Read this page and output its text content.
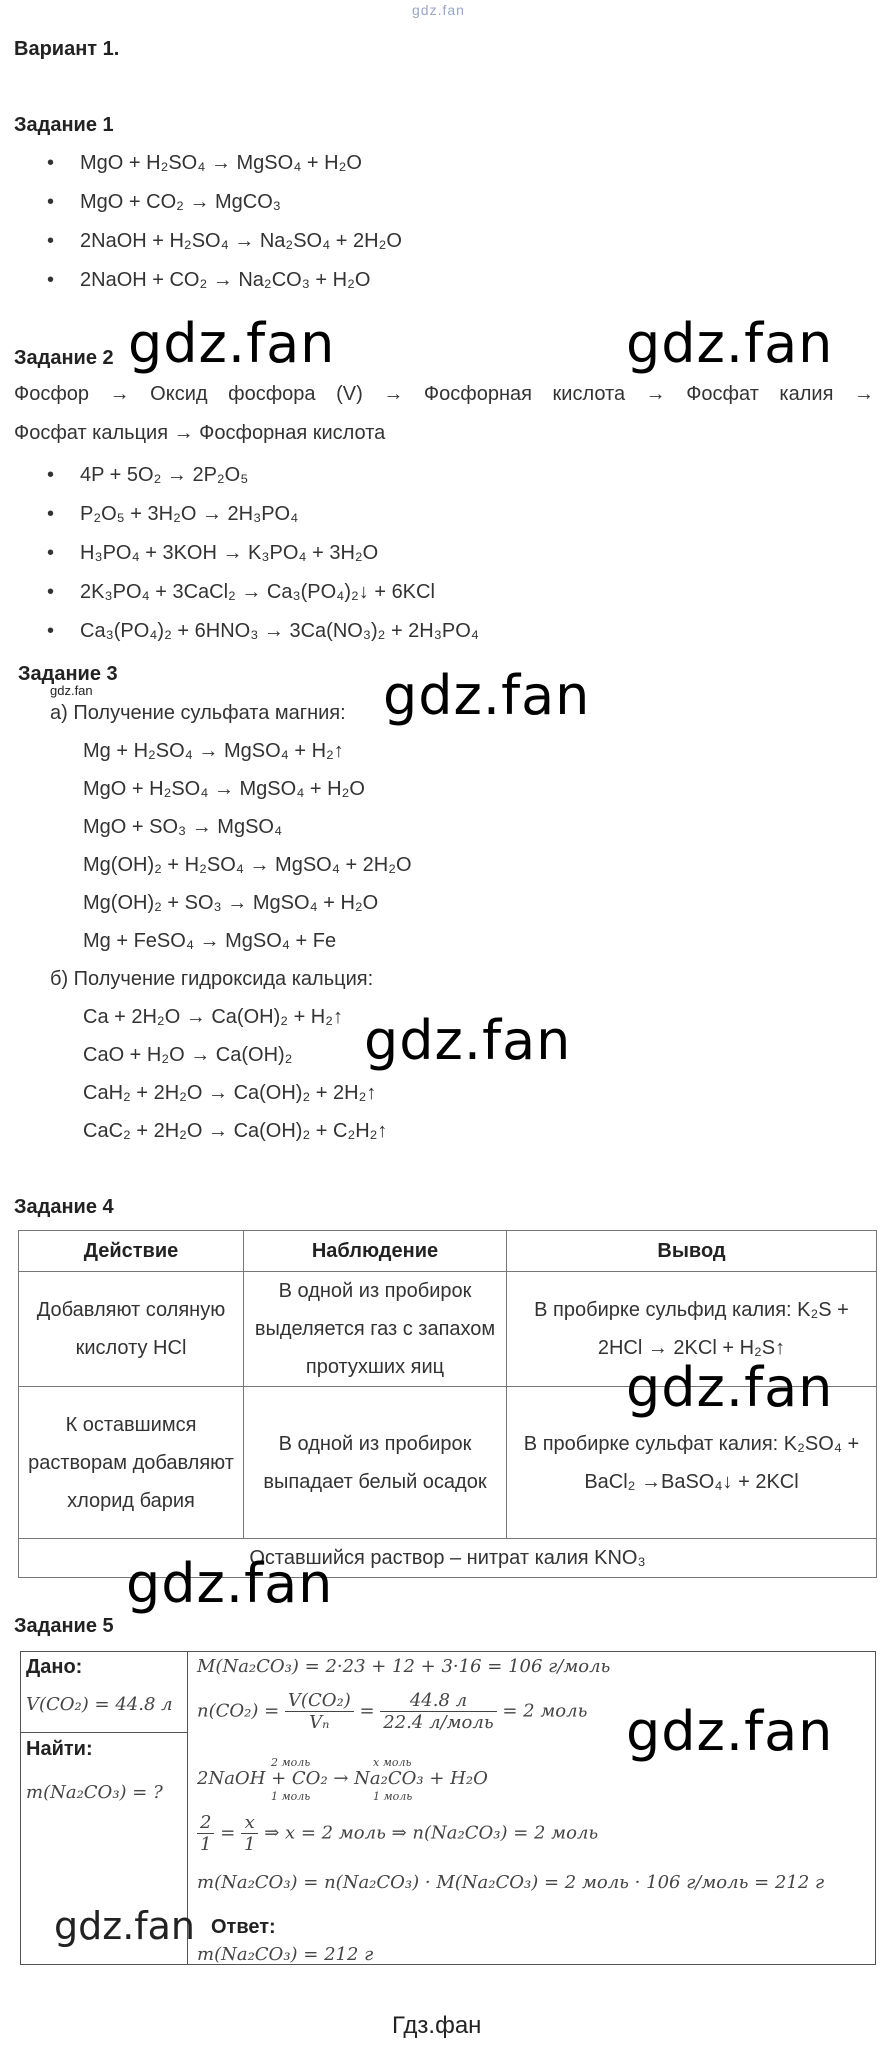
gdz.fan
Вариант 1.
Задание 1
• MgO + H₂SO₄ → MgSO₄ + H₂O
• MgO + CO₂ → MgCO₃
• 2NaOH + H₂SO₄ → Na₂SO₄ + 2H₂O
• 2NaOH + CO₂ → Na₂CO₃ + H₂O
Задание 2 gdz.fan	gdz.fan
Фосфор → Оксид фосфора (V) → Фосфорная кислота → Фосфат калия →
Фосфат кальция → Фосфорная кислота
• 4P + 5O₂ → 2P₂O₅
• P₂O₅ + 3H₂O → 2H₃PO₄
• H₃PO₄ + 3KOH → K₃PO₄ + 3H₂O
• 2K₃PO₄ + 3CaCl₂ → Ca₃(PO₄)₂↓ + 6KCl
• Ca₃(PO₄)₂ + 6HNO₃ → 3Ca(NO₃)₂ + 2H₃PO₄
Задание 3
gdz.fan	gdz.fan
а) Получение сульфата магния:
Mg + H₂SO₄ → MgSO₄ + H₂↑
MgO + H₂SO₄ → MgSO₄ + H₂O
MgO + SO₃ → MgSO₄
Mg(OH)₂ + H₂SO₄ → MgSO₄ + 2H₂O
Mg(OH)₂ + SO₃ → MgSO₄ + H₂O
Mg + FeSO₄ → MgSO₄ + Fe
б) Получение гидроксида кальция:
Ca + 2H₂O → Ca(OH)₂ + H₂↑
CaO + H₂O → Ca(OH)₂ gdz.fan
CaH₂ + 2H₂O → Ca(OH)₂ + 2H₂↑
CaC₂ + 2H₂O → Ca(OH)₂ + C₂H₂↑
Задание 4
Действие	Наблюдение	Вывод
Добавляют соляную кислоту HCl	В одной из пробирок выделяется газ с запахом протухших яиц	В пробирке сульфид калия: K₂S + 2HCl → 2KCl + H₂S↑
К оставшимся растворам добавляют хлорид бария	В одной из пробирок выпадает белый осадок	В пробирке сульфат калия: K₂SO₄ + BaCl₂ →BaSO₄↓ + 2KCl
Оставшийся раствор – нитрат калия KNO₃		
gdz.fan
gdz.fan
Задание 5
Дано:
V(CO₂) = 44.8 л
Найти:
m(Na₂CO₃) = ?
Ответ:
m(Na₂CO₃) = 212 г
M(Na₂CO₃) = 2·23 + 12 + 3·16 = 106 г/моль
$n(CO_2) = \frac{\text{V(CO₂)}}{\text{Vₙ}} = \frac{44.8 л}{\text{22.4 л/моль}} = 2$ моль
2 моль	x моль
2NaOH + CO₂ → Na₂CO₃ + H₂O
1 моль	1 моль
$\frac{2}{1} = \frac{x}{1}$ ⇒ x = 2 моль ⇒ n(Na₂CO₃) = 2 моль
m(Na₂CO₃) = n(Na₂CO₃) · M(Na₂CO₃) = 2 моль · 106 г/моль = 212 г
gdz.fan
gdz.fan
Гдз.фан
